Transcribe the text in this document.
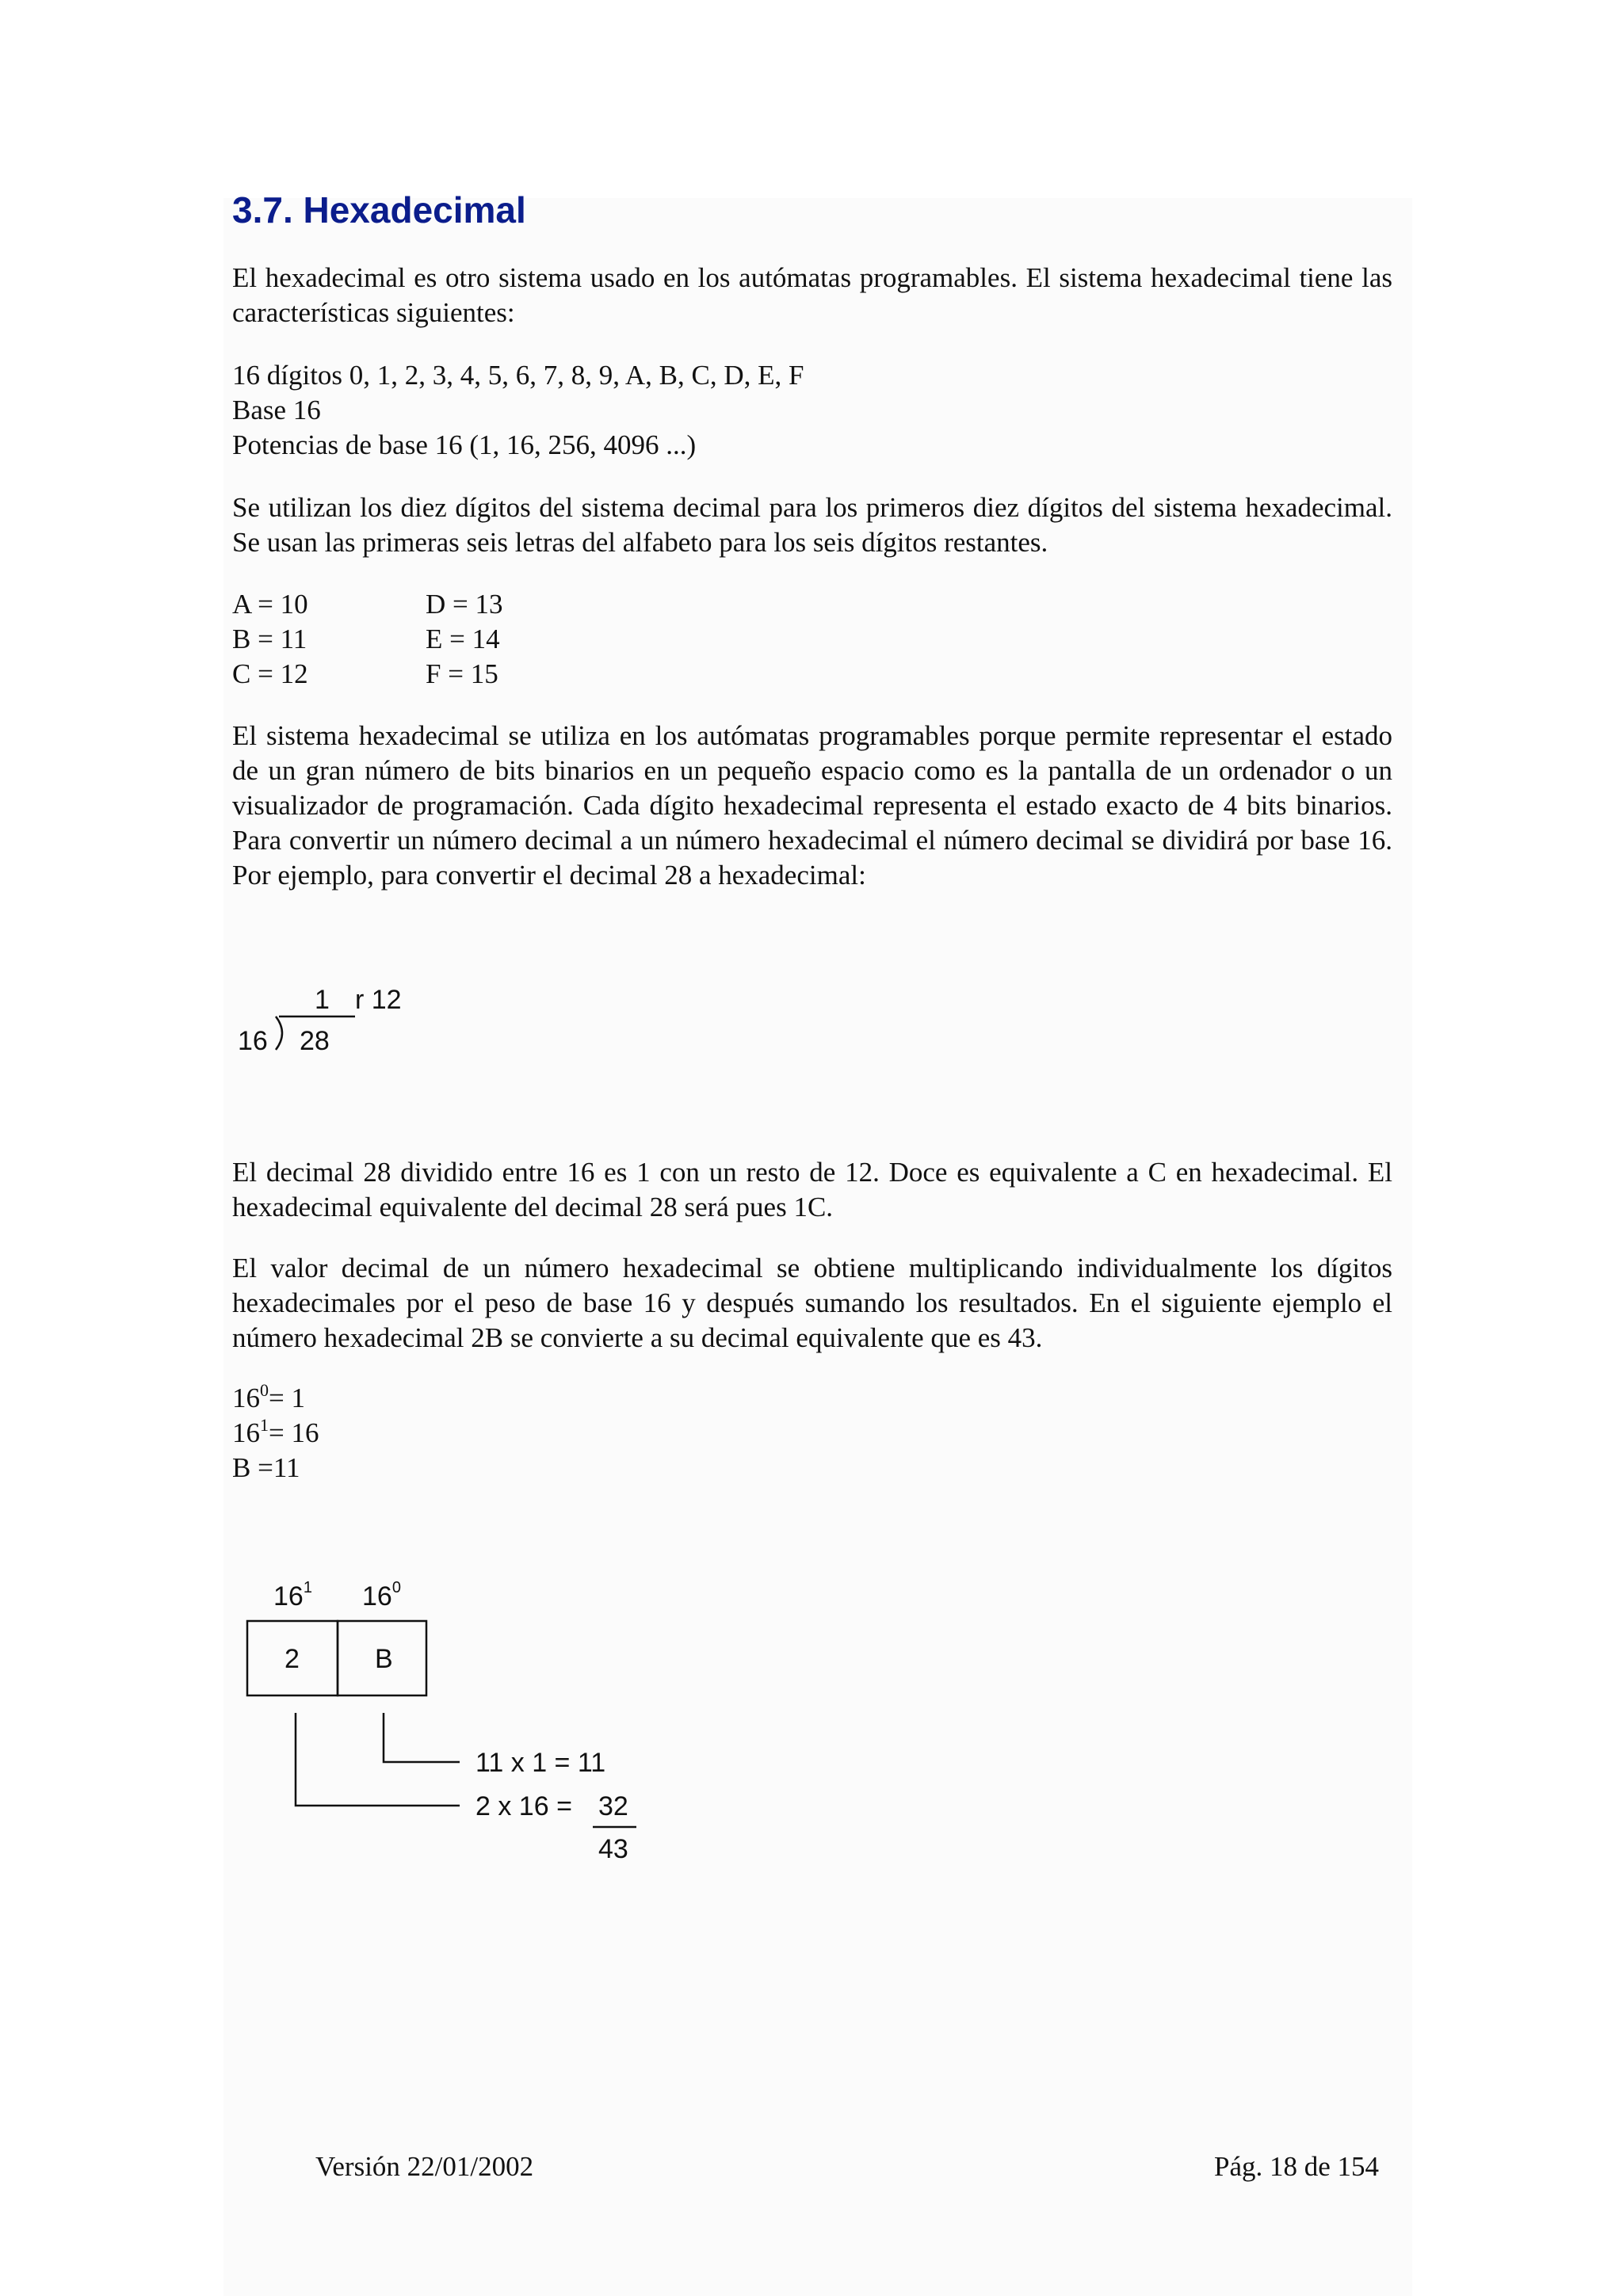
3.7. Hexadecimal

El hexadecimal es otro sistema usado en los autómatas programables. El sistema hexadecimal tiene las características siguientes:

16 dígitos 0, 1, 2, 3, 4, 5, 6, 7, 8, 9, A, B, C, D, E, F
Base 16
Potencias de base 16 (1, 16, 256, 4096 ...)

Se utilizan los diez dígitos del sistema decimal para los primeros diez dígitos del sistema hexadecimal. Se usan las primeras seis letras del alfabeto para los seis dígitos restantes.

A = 10
B = 11
C = 12
D = 13
E = 14
F = 15

El sistema hexadecimal se utiliza en los autómatas programables porque permite representar el estado de un gran número de bits binarios en un pequeño espacio como es la pantalla de un ordenador o un visualizador de programación. Cada dígito hexadecimal representa el estado exacto de 4 bits binarios. Para convertir un número decimal a un número hexadecimal el número decimal se dividirá por base 16. Por ejemplo, para convertir el decimal 28 a hexadecimal:

1 r 12
16 28

El decimal 28 dividido entre 16 es 1 con un resto de 12. Doce es equivalente a C en hexadecimal. El hexadecimal equivalente del decimal 28 será pues 1C.

El valor decimal de un número hexadecimal se obtiene multiplicando individualmente los dígitos hexadecimales por el peso de base 16 y después sumando los resultados. En el siguiente ejemplo el número hexadecimal 2B se convierte a su decimal equivalente que es 43.

$16^0= 1$
$16^1= 16$
B =11
$16^1$ $16^0$
2	B
11 x 1 = 11
2 x 16 = 32
43
Versión 22/01/2002	Pág. 18 de 154
